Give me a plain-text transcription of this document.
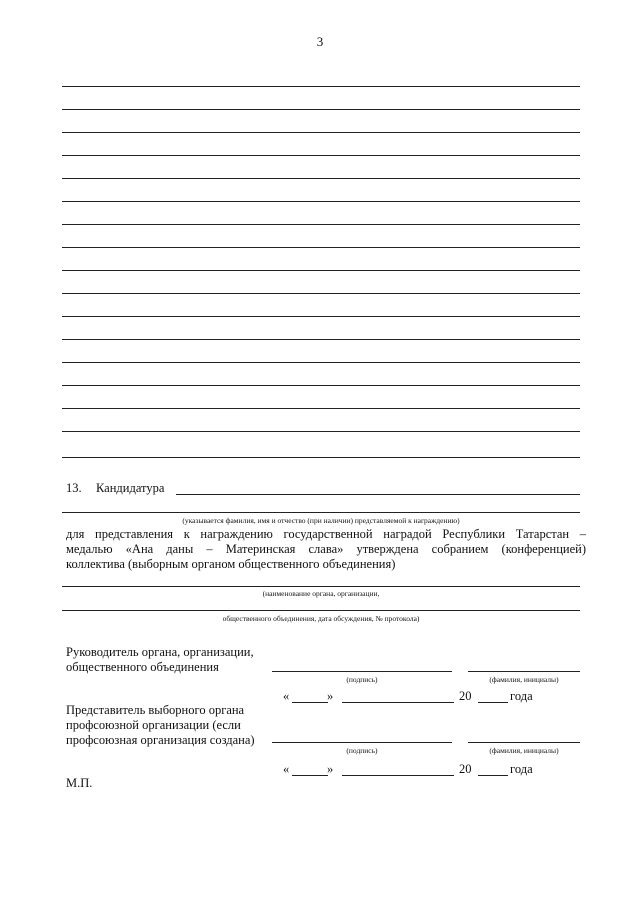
3
13. Кандидатура
(указывается фамилия, имя и отчество (при наличии) представляемой к награждению)
для представления к награждению государственной наградой Республики Татарстан –
медалью «Ана даны – Материнская слава» утверждена собранием (конференцией)
коллектива (выборным органом общественного объединения)
(наименование органа, организации,
общественного объединения, дата обсуждения, № протокола)
Руководитель органа, организации,
общественного объединения
(подпись)	(фамилия, инициалы)
«	»	20	года
Представитель выборного органа
профсоюзной организации (если
профсоюзная организация создана)
(подпись)	(фамилия, инициалы)
«	»	20	года
М.П.
